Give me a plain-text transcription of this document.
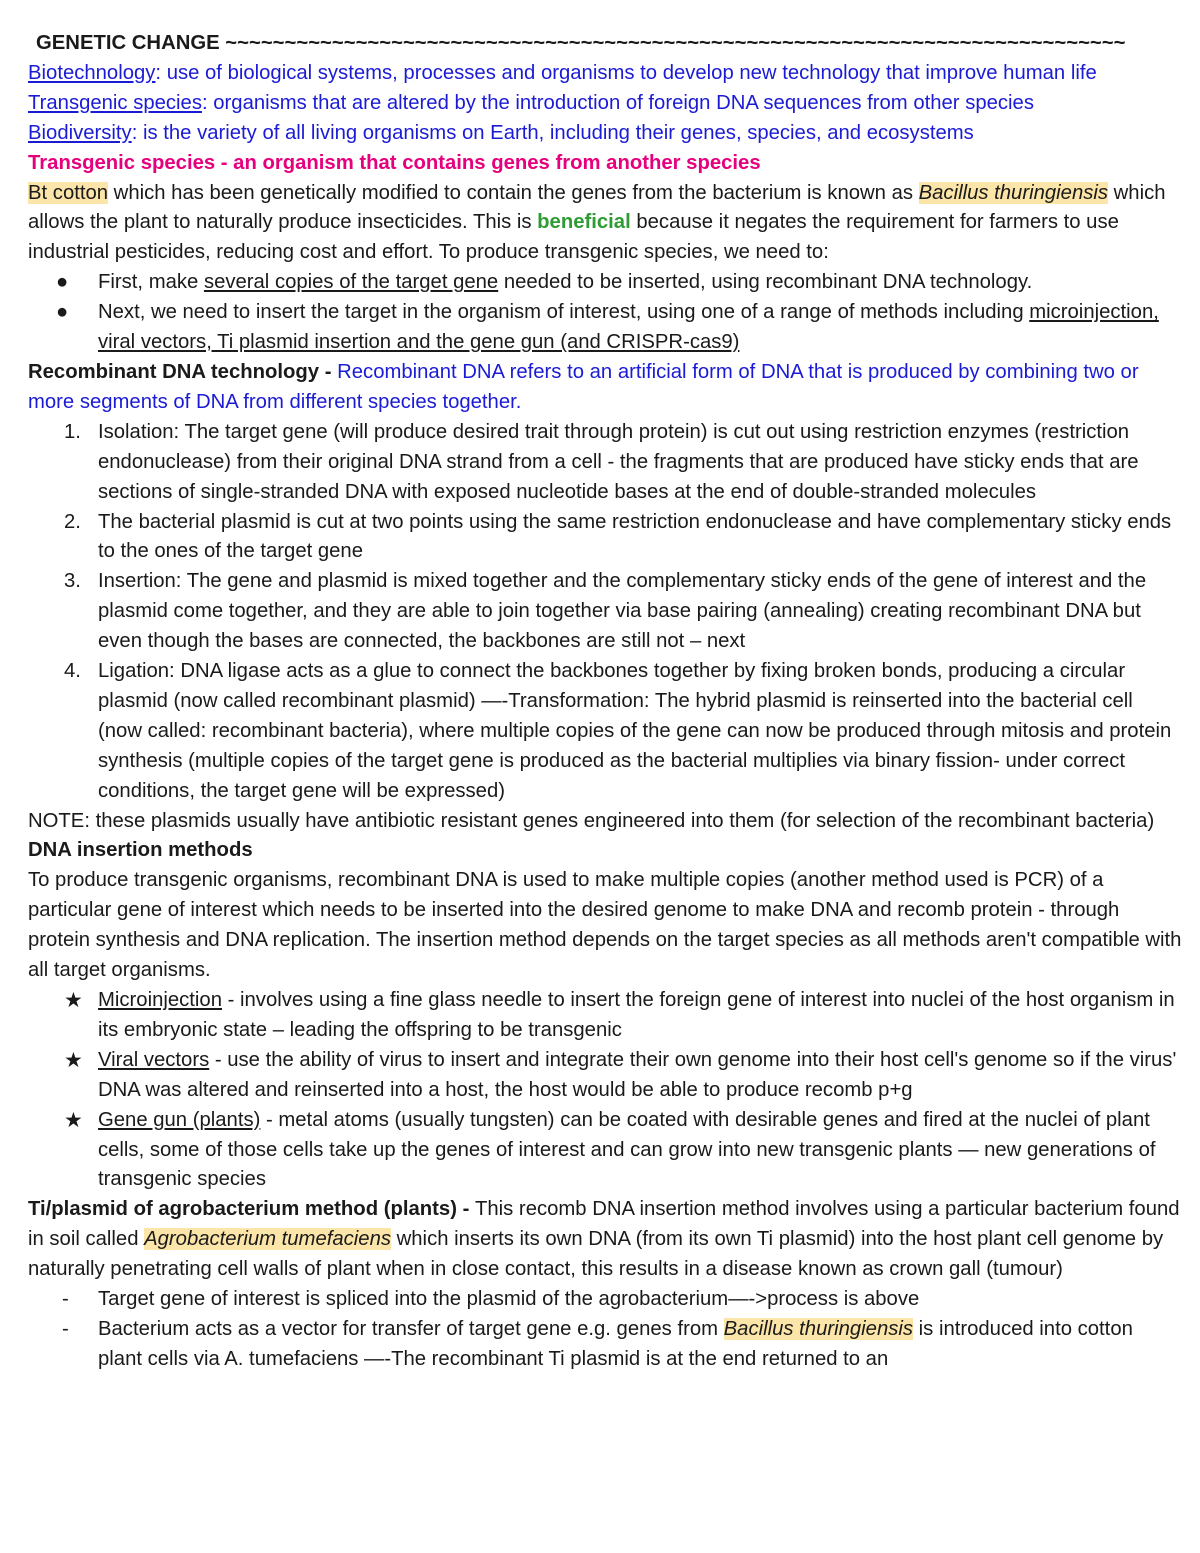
GENETIC CHANGE ~~~~~~~~~~~~~~~~~~~~~~~~~~~~~~~~~~~~~~~~~~~~~~~~~~~~~~~~~~~~~~~~~~~~~~~~~~~~

Biotechnology: use of biological systems, processes and organisms to develop new technology that improve human life

Transgenic species: organisms that are altered by the introduction of foreign DNA sequences from other species

Biodiversity: is the variety of all living organisms on Earth, including their genes, species, and ecosystems

Transgenic species - an organism that contains genes from another species

Bt cotton which has been genetically modified to contain the genes from the bacterium is known as Bacillus thuringiensis which allows the plant to naturally produce insecticides. This is beneficial because it negates the requirement for farmers to use industrial pesticides, reducing cost and effort. To produce transgenic species, we need to:

●	First, make several copies of the target gene needed to be inserted, using recombinant DNA technology.
●	Next, we need to insert the target in the organism of interest, using one of a range of methods including microinjection, viral vectors, Ti plasmid insertion and the gene gun (and CRISPR-cas9)

Recombinant DNA technology - Recombinant DNA refers to an artificial form of DNA that is produced by combining two or more segments of DNA from different species together.

1. Isolation: The target gene (will produce desired trait through protein) is cut out using restriction enzymes (restriction endonuclease) from their original DNA strand from a cell - the fragments that are produced have sticky ends that are sections of single-stranded DNA with exposed nucleotide bases at the end of double-stranded molecules
2. The bacterial plasmid is cut at two points using the same restriction endonuclease and have complementary sticky ends to the ones of the target gene
3. Insertion: The gene and plasmid is mixed together and the complementary sticky ends of the gene of interest and the plasmid come together, and they are able to join together via base pairing (annealing) creating recombinant DNA but even though the bases are connected, the backbones are still not – next
4. Ligation: DNA ligase acts as a glue to connect the backbones together by fixing broken bonds, producing a circular plasmid (now called recombinant plasmid) —-Transformation: The hybrid plasmid is reinserted into the bacterial cell (now called: recombinant bacteria), where multiple copies of the gene can now be produced through mitosis and protein synthesis (multiple copies of the target gene is produced as the bacterial multiplies via binary fission- under correct conditions, the target gene will be expressed)

NOTE: these plasmids usually have antibiotic resistant genes engineered into them (for selection of the recombinant bacteria)

DNA insertion methods

To produce transgenic organisms, recombinant DNA is used to make multiple copies (another method used is PCR) of a particular gene of interest which needs to be inserted into the desired genome to make DNA and recomb protein - through protein synthesis and DNA replication. The insertion method depends on the target species as all methods aren't compatible with all target organisms.

★ Microinjection - involves using a fine glass needle to insert the foreign gene of interest into nuclei of the host organism in its embryonic state – leading the offspring to be transgenic
★ Viral vectors - use the ability of virus to insert and integrate their own genome into their host cell's genome so if the virus' DNA was altered and reinserted into a host, the host would be able to produce recomb p+g
★ Gene gun (plants) - metal atoms (usually tungsten) can be coated with desirable genes and fired at the nuclei of plant cells, some of those cells take up the genes of interest and can grow into new transgenic plants — new generations of transgenic species

Ti/plasmid of agrobacterium method (plants) - This recomb DNA insertion method involves using a particular bacterium found in soil called Agrobacterium tumefaciens which inserts its own DNA (from its own Ti plasmid) into the host plant cell genome by naturally penetrating cell walls of plant when in close contact, this results in a disease known as crown gall (tumour)

-	Target gene of interest is spliced into the plasmid of the agrobacterium—->process is above
-	Bacterium acts as a vector for transfer of target gene e.g. genes from Bacillus thuringiensis is introduced into cotton plant cells via A. tumefaciens —-The recombinant Ti plasmid is at the end returned to an
